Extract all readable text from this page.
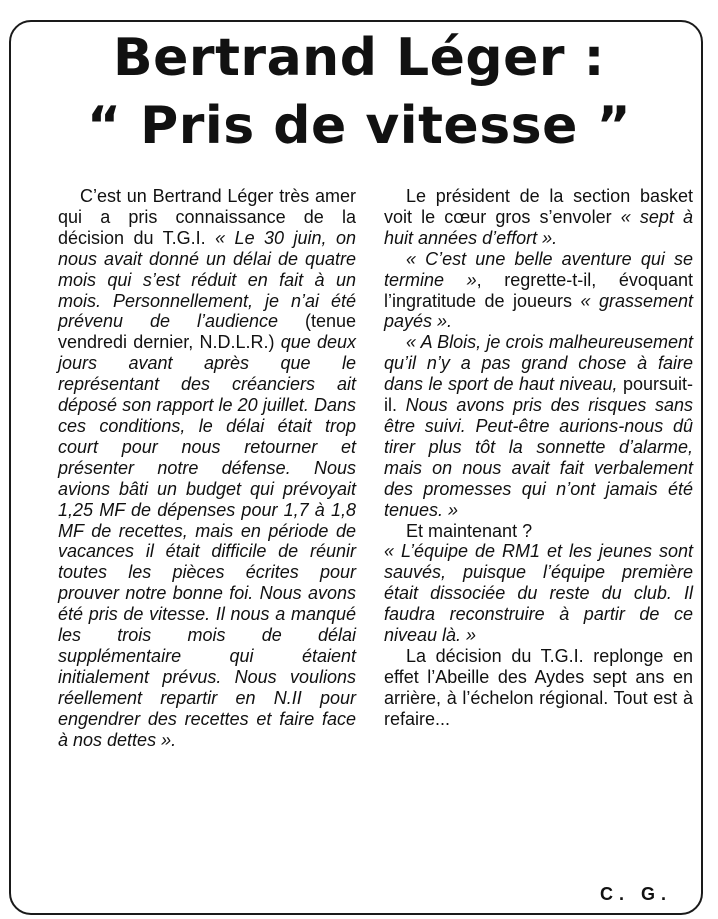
Bertrand Léger :
“ Pris de vitesse ”

C’est un Bertrand Léger très amer qui a pris connaissance de la décision du T.G.I. « Le 30 juin, on nous avait donné un délai de quatre mois qui s’est réduit en fait à un mois. Personnellement, je n’ai été prévenu de l’audience (tenue vendredi dernier, N.D.L.R.) que deux jours avant après que le représentant des créanciers ait déposé son rapport le 20 juillet. Dans ces conditions, le délai était trop court pour nous retourner et présenter notre défense. Nous avions bâti un budget qui prévoyait 1,25 MF de dépenses pour 1,7 à 1,8 MF de recettes, mais en période de vacances il était difficile de réunir toutes les pièces écrites pour prouver notre bonne foi. Nous avons été pris de vitesse. Il nous a manqué les trois mois de délai supplémentaire qui étaient initialement prévus. Nous voulions réellement repartir en N.II pour engendrer des recettes et faire face à nos dettes ».

Le président de la section basket voit le cœur gros s’envoler « sept à huit années d’effort ».

« C’est une belle aventure qui se termine », regrette-t-il, évoquant l’ingratitude de joueurs « grassement payés ».

« A Blois, je crois malheureusement qu’il n’y a pas grand chose à faire dans le sport de haut niveau, poursuit-il. Nous avons pris des risques sans être suivi. Peut-être aurions-nous dû tirer plus tôt la sonnette d’alarme, mais on nous avait fait verbalement des promesses qui n’ont jamais été tenues. »

Et maintenant ?

« L’équipe de RM1 et les jeunes sont sauvés, puisque l’équipe première était dissociée du reste du club. Il faudra reconstruire à partir de ce niveau là. »

La décision du T.G.I. replonge en effet l’Abeille des Aydes sept ans en arrière, à l’échelon régional. Tout est à refaire...

C. G.
